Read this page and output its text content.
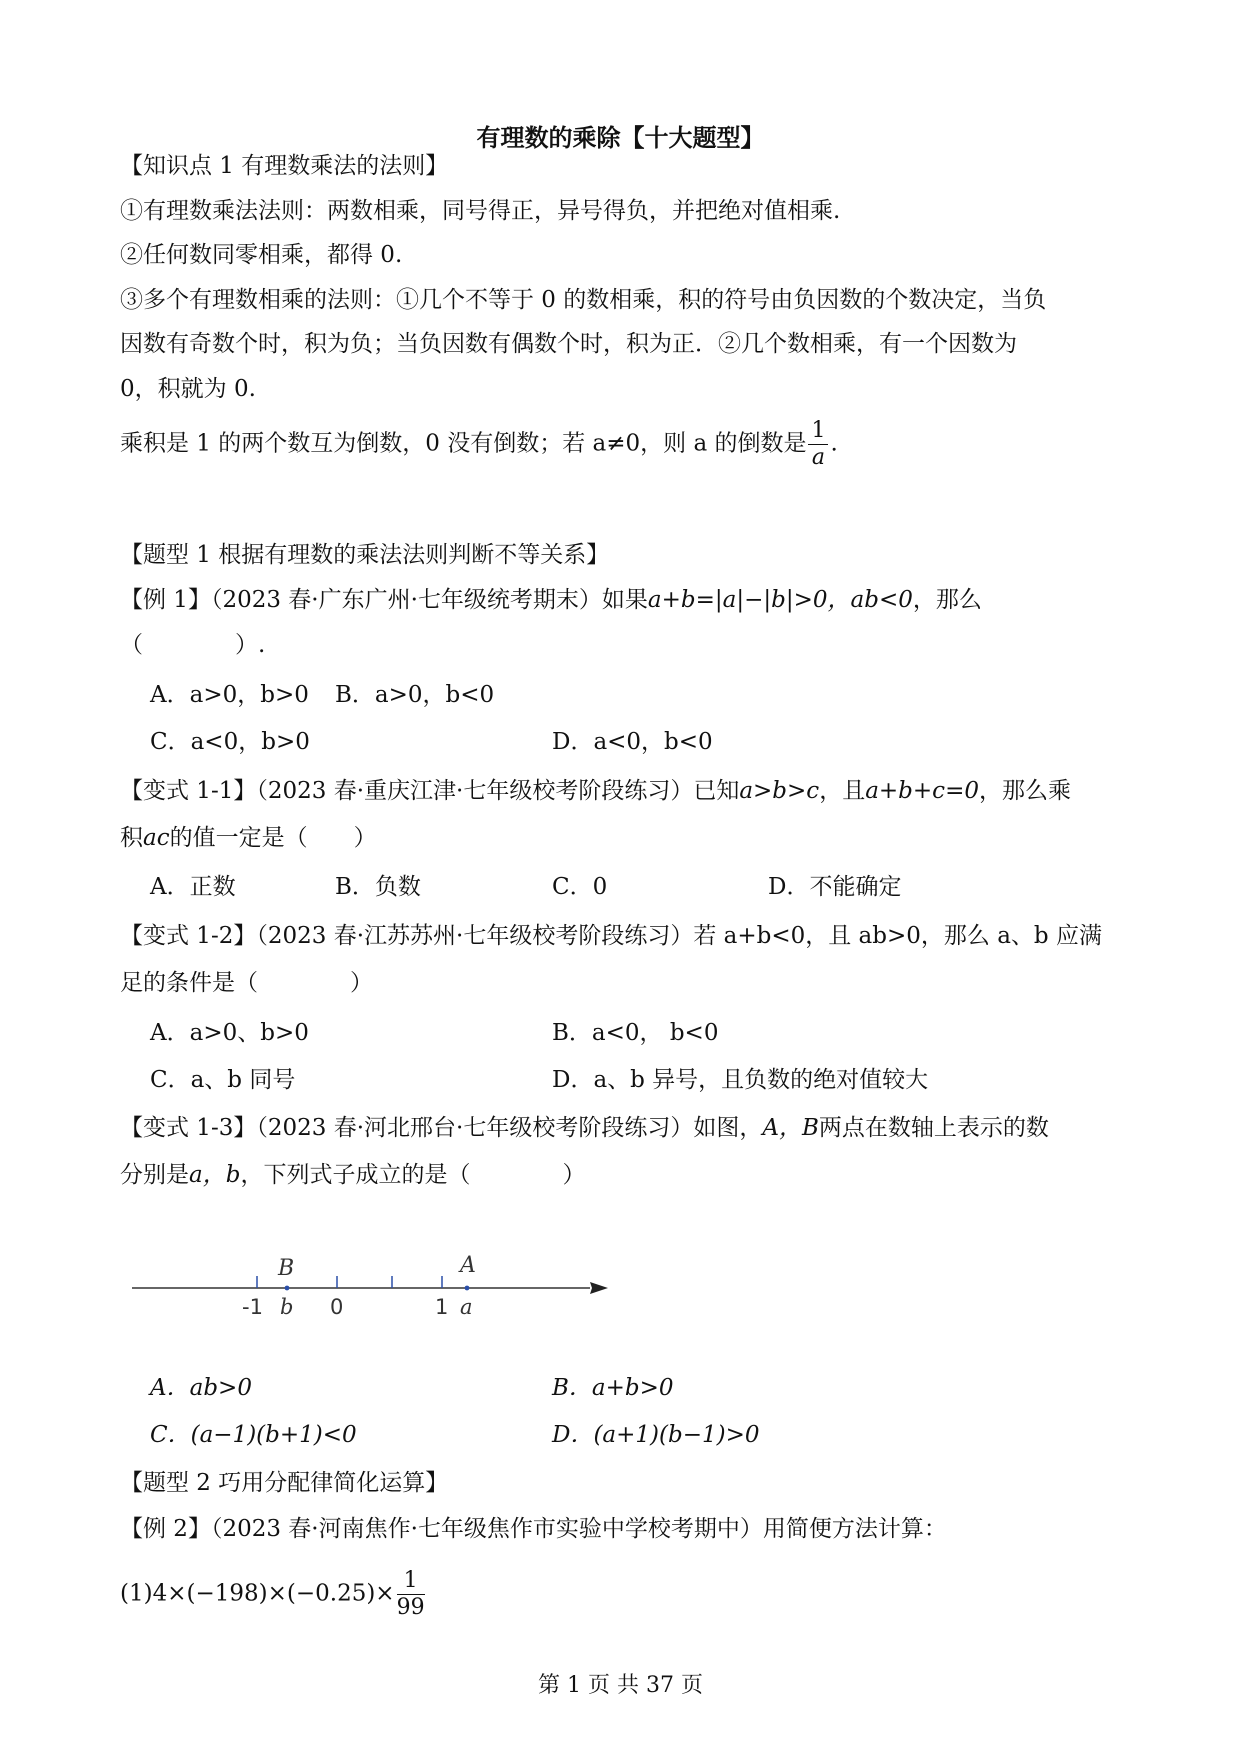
有理数的乘除【十大题型】
【知识点 1 有理数乘法的法则】
①有理数乘法法则：两数相乘，同号得正，异号得负，并把绝对值相乘.
②任何数同零相乘，都得 0.
③多个有理数相乘的法则：①几个不等于 0 的数相乘，积的符号由负因数的个数决定，当负
因数有奇数个时，积为负；当负因数有偶数个时，积为正．②几个数相乘，有一个因数为
0，积就为 0.
乘积是 1 的两个数互为倒数，0 没有倒数；若 a≠0，则 a 的倒数是 $\frac{1}{a}$ .
【题型 1 根据有理数的乘法法则判断不等关系】
【例 1】（2023 春·广东广州·七年级统考期末）如果a+b=|a|−|b|>0，ab<0，那么
（　　　　）.
A．a>0，b>0 B．a>0，b<0
C．a<0，b>0	D．a<0，b<0
【变式 1-1】（2023 春·重庆江津·七年级校考阶段练习）已知a>b>c，且a+b+c=0，那么乘
积ac的值一定是（　　）
A．正数	B．负数	C．0	D．不能确定
【变式 1-2】（2023 春·江苏苏州·七年级校考阶段练习）若 a+b<0，且 ab>0，那么 a、b 应满
足的条件是（　　　　）
A．a>0、b>0	B．a<0， b<0
C．a、b 同号	D．a、b 异号，且负数的绝对值较大
【变式 1-3】（2023 春·河北邢台·七年级校考阶段练习）如图，A，B两点在数轴上表示的数
分别是a，b，下列式子成立的是（　　　　）
B	A
-1 b 0	1 a
A．ab>0	B．a+b>0
C．(a−1)(b+1)<0	D．(a+1)(b−1)>0
【题型 2 巧用分配律简化运算】
【例 2】（2023 春·河南焦作·七年级焦作市实验中学校考期中）用简便方法计算：
$(1)4\times(-198)\times(-0.25)\times \frac{1}{99}$
第 1 页 共 37 页
